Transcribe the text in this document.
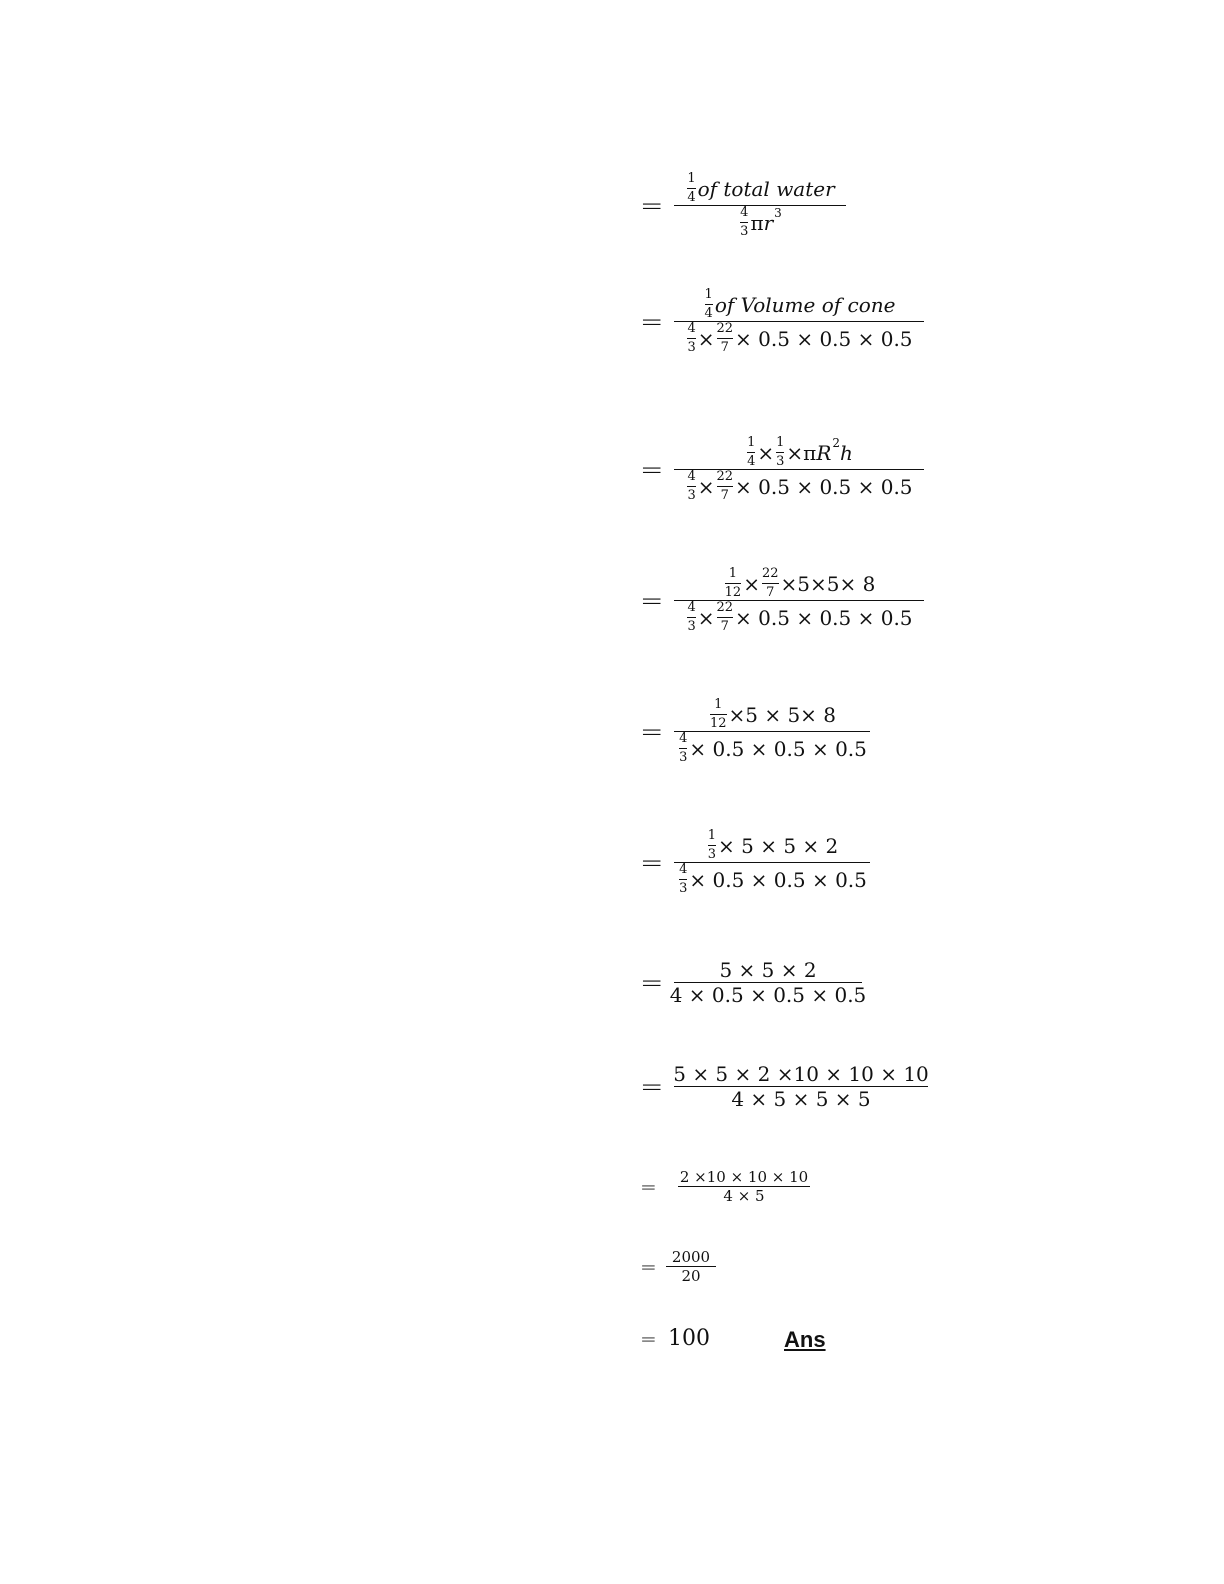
= 1
4 of total water
4
3 π r 3
= 1
4 of Volume of cone
4
3 × 22
7 × 0.5 × 0.5 × 0.5
= 1
4 × 1
3 × π R 2 h
4
3 × 22
7 × 0.5 × 0.5 × 0.5
= 1
12 × 22
7 ×5×5× 8
4
3 × 22
7 × 0.5 × 0.5 × 0.5
= 1
12 ×5 × 5× 8
4
3 × 0.5 × 0.5 × 0.5
= 1
3 × 5 × 5 × 2
4
3 × 0.5 × 0.5 × 0.5
= $\frac{5 \times 5 \times 2}{4 \times 0.5 \times 0.5 \times 0.5}$
= $\frac{5 \times 5 \times 2 \times 10 \times 10 \times 10}{4 \times 5 \times 5 \times 5}$
=	$\frac{2 \times 10 \times 10 \times 10}{4 \times 5}$
= $\frac{2000}{20}$
= 100	Ans
